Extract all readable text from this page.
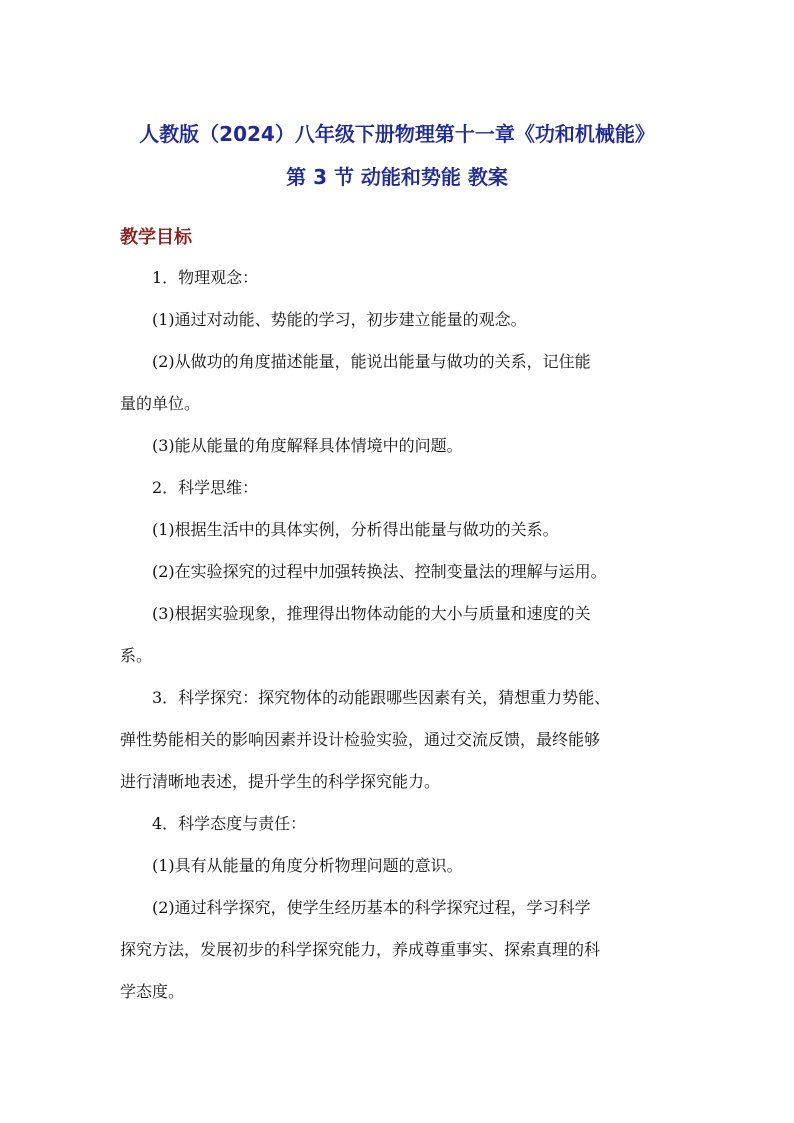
人教版（2024）八年级下册物理第十一章《功和机械能》
第 3 节 动能和势能 教案
教学目标
1．物理观念：
(1)通过对动能、势能的学习，初步建立能量的观念。
(2)从做功的角度描述能量，能说出能量与做功的关系，记住能
量的单位。
(3)能从能量的角度解释具体情境中的问题。
2．科学思维：
(1)根据生活中的具体实例，分析得出能量与做功的关系。
(2)在实验探究的过程中加强转换法、控制变量法的理解与运用。
(3)根据实验现象，推理得出物体动能的大小与质量和速度的关
系。
3．科学探究：探究物体的动能跟哪些因素有关，猜想重力势能、
弹性势能相关的影响因素并设计检验实验，通过交流反馈，最终能够
进行清晰地表述，提升学生的科学探究能力。
4．科学态度与责任：
(1)具有从能量的角度分析物理问题的意识。
(2)通过科学探究，使学生经历基本的科学探究过程，学习科学
探究方法，发展初步的科学探究能力，养成尊重事实、探索真理的科
学态度。
